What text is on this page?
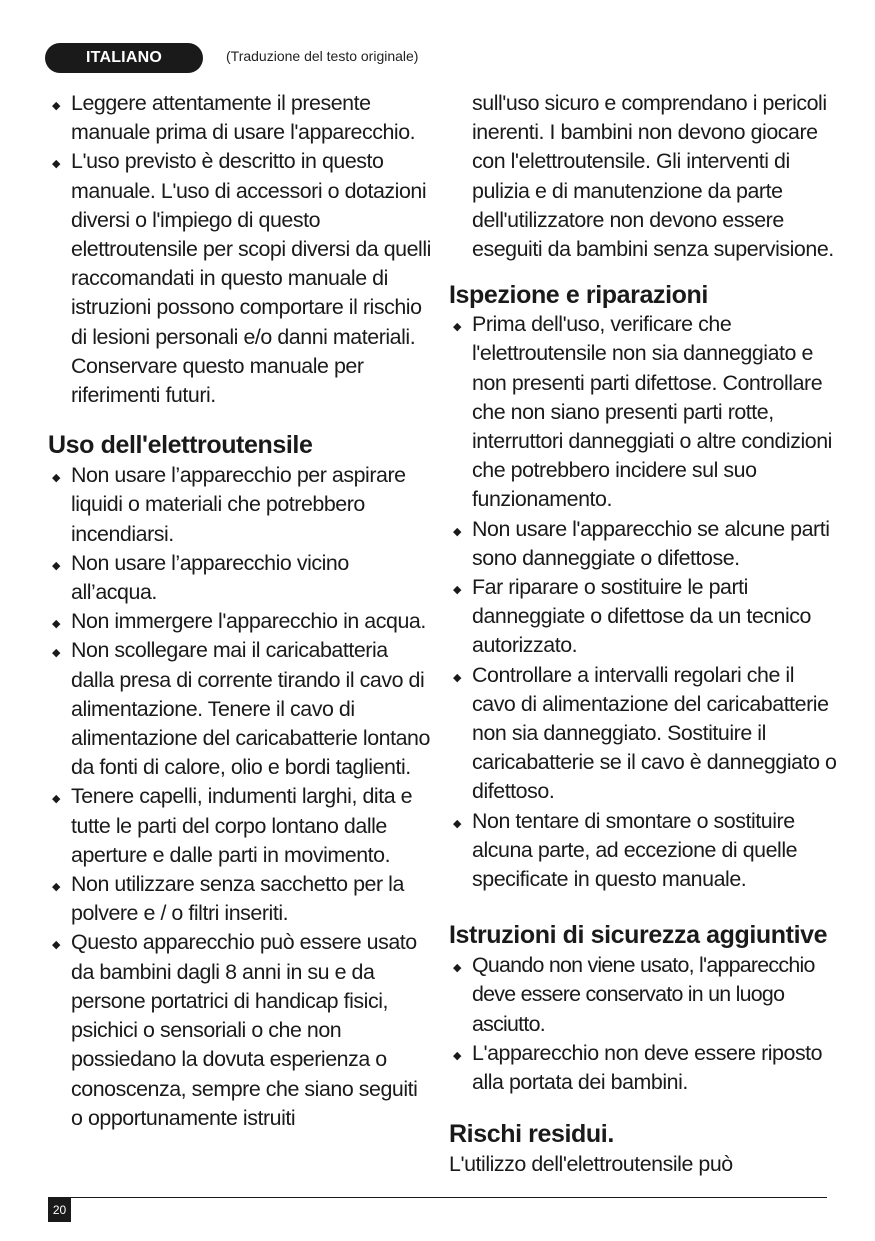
ITALIANO	(Traduzione del testo originale)
◆ Leggere attentamente il presente manuale prima di usare l'apparecchio.
◆ L'uso previsto è descritto in questo manuale. L'uso di accessori o dotazioni diversi o l'impiego di questo elettroutensile per scopi diversi da quelli raccomandati in questo manuale di istruzioni possono comportare il rischio di lesioni personali e/o danni materiali. Conservare questo manuale per riferimenti futuri.
Uso dell'elettroutensile
◆ Non usare l’apparecchio per aspirare liquidi o materiali che potrebbero incendiarsi.
◆ Non usare l’apparecchio vicino all’acqua.
◆ Non immergere l'apparecchio in acqua.
◆ Non scollegare mai il caricabatteria dalla presa di corrente tirando il cavo di alimentazione. Tenere il cavo di alimentazione del caricabatterie lontano da fonti di calore, olio e bordi taglienti.
◆ Tenere capelli, indumenti larghi, dita e tutte le parti del corpo lontano dalle aperture e dalle parti in movimento.
◆ Non utilizzare senza sacchetto per la polvere e / o filtri inseriti.
◆ Questo apparecchio può essere usato da bambini dagli 8 anni in su e da persone portatrici di handicap fisici, psichici o sensoriali o che non possiedano la dovuta esperienza o conoscenza, sempre che siano seguiti o opportunamente istruiti

sull'uso sicuro e comprendano i pericoli inerenti. I bambini non devono giocare con l'elettroutensile. Gli interventi di pulizia e di manutenzione da parte dell'utilizzatore non devono essere eseguiti da bambini senza supervisione.

Ispezione e riparazioni
◆ Prima dell'uso, verificare che l'elettroutensile non sia danneggiato e non presenti parti difettose. Controllare che non siano presenti parti rotte, interruttori danneggiati o altre condizioni che potrebbero incidere sul suo funzionamento.
◆ Non usare l'apparecchio se alcune parti sono danneggiate o difettose.
◆ Far riparare o sostituire le parti danneggiate o difettose da un tecnico autorizzato.
◆ Controllare a intervalli regolari che il cavo di alimentazione del caricabatterie non sia danneggiato. Sostituire il caricabatterie se il cavo è danneggiato o difettoso.
◆ Non tentare di smontare o sostituire alcuna parte, ad eccezione di quelle specificate in questo manuale.
Istruzioni di sicurezza aggiuntive
◆ Quando non viene usato, l'apparecchio deve essere conservato in un luogo asciutto.
◆ L'apparecchio non deve essere riposto alla portata dei bambini.
Rischi residui.

L'utilizzo dell'elettroutensile può

20
